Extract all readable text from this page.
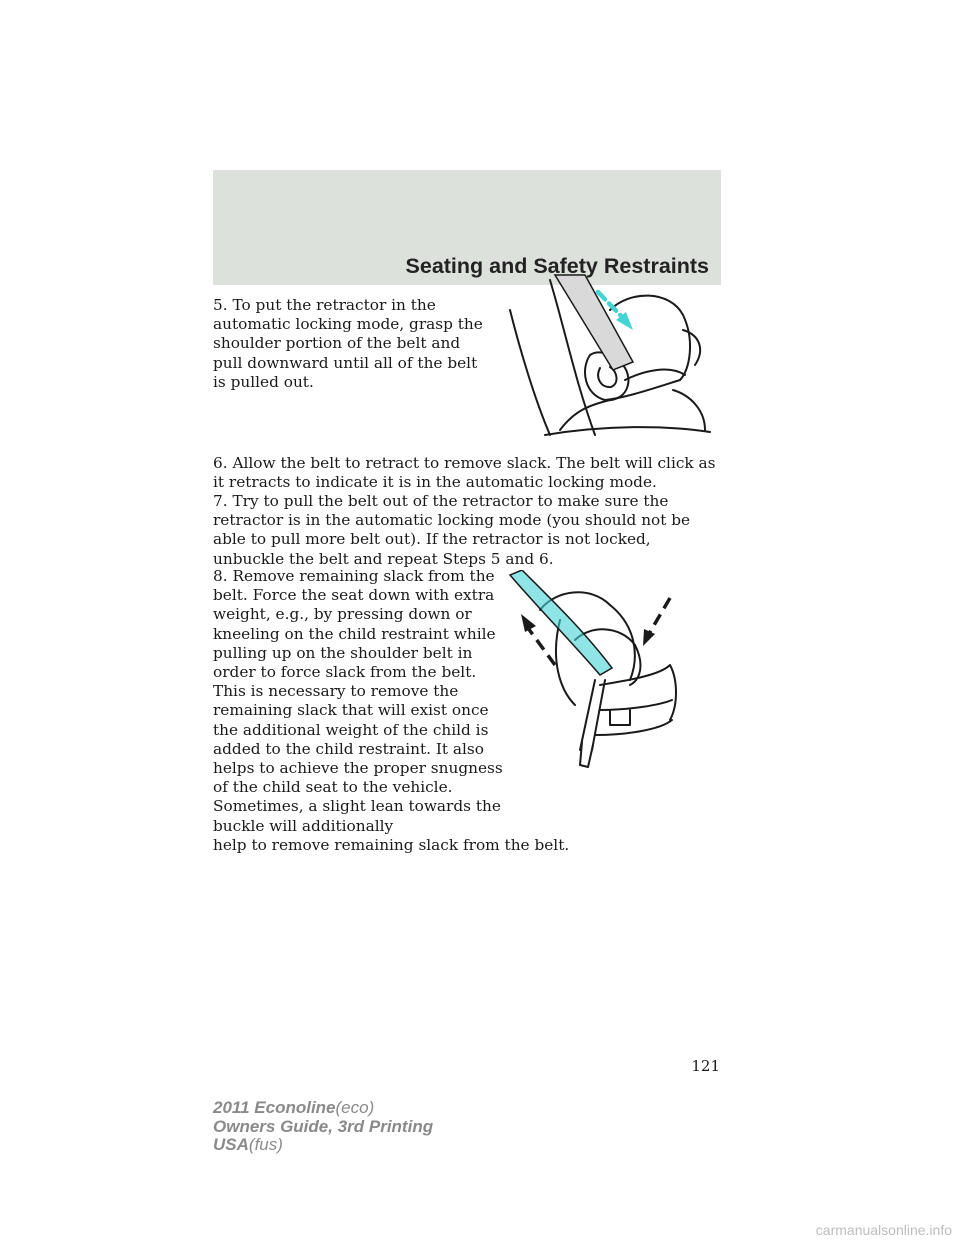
Seating and Safety Restraints

5. To put the retractor in the automatic locking mode, grasp the shoulder portion of the belt and pull downward until all of the belt is pulled out.

6. Allow the belt to retract to remove slack. The belt will click as it retracts to indicate it is in the automatic locking mode.

7. Try to pull the belt out of the retractor to make sure the retractor is in the automatic locking mode (you should not be able to pull more belt out). If the retractor is not locked, unbuckle the belt and repeat Steps 5 and 6.

8. Remove remaining slack from the belt. Force the seat down with extra weight, e.g., by pressing down or kneeling on the child restraint while pulling up on the shoulder belt in order to force slack from the belt. This is necessary to remove the remaining slack that will exist once the additional weight of the child is added to the child restraint. It also helps to achieve the proper snugness of the child seat to the vehicle. Sometimes, a slight lean towards the buckle will additionally
help to remove remaining slack from the belt.

121
2011 Econoline(eco)
Owners Guide, 3rd Printing
USA(fus)
carmanualsonline.info
